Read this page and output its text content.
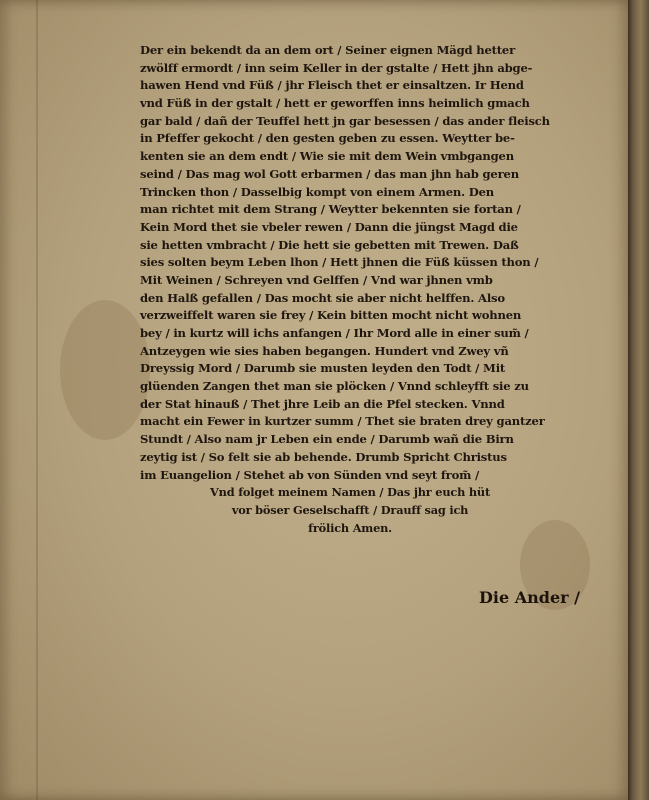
Der ein bekendt da an dem ort / Seiner eignen Mägd hetter
zwölff ermordt / inn seim Keller in der gstalte / Hett jhn abge-
hawen Hend vnd Füß / jhr Fleisch thet er einsaltzen. Ir Hend
vnd Füß in der gstalt / hett er geworffen inns heimlich gmach
gar bald / dañ der Teuffel hett jn gar besessen / das ander fleisch
in Pfeffer gekocht / den gesten geben zu essen. Weytter be-
kenten sie an dem endt / Wie sie mit dem Wein vmbgangen
seind / Das mag wol Gott erbarmen / das man jhn hab geren
Trincken thon / Dasselbig kompt von einem Armen. Den
man richtet mit dem Strang / Weytter bekennten sie fortan /
Kein Mord thet sie vbeler rewen / Dann die jüngst Magd die
sie hetten vmbracht / Die hett sie gebetten mit Trewen. Daß
sies solten beym Leben lhon / Hett jhnen die Füß küssen thon /
Mit Weinen / Schreyen vnd Gelffen / Vnd war jhnen vmb
den Halß gefallen / Das mocht sie aber nicht helffen. Also
verzweiffelt waren sie frey / Kein bitten mocht nicht wohnen
bey / in kurtz will ichs anfangen / Ihr Mord alle in einer sum̃ /
Antzeygen wie sies haben begangen. Hundert vnd Zwey vñ
Dreyssig Mord / Darumb sie musten leyden den Todt / Mit
glüenden Zangen thet man sie plöcken / Vnnd schleyfft sie zu
der Stat hinauß / Thet jhre Leib an die Pfel stecken. Vnnd
macht ein Fewer in kurtzer summ / Thet sie braten drey gantzer
Stundt / Also nam jr Leben ein ende / Darumb wañ die Birn
zeytig ist / So felt sie ab behende. Drumb Spricht Christus
im Euangelion / Stehet ab von Sünden vnd seyt from̃ /
Vnd folget meinem Namen / Das jhr euch hüt
vor böser Geselschafft / Drauff sag ich
frölich Amen.
Die Ander /
